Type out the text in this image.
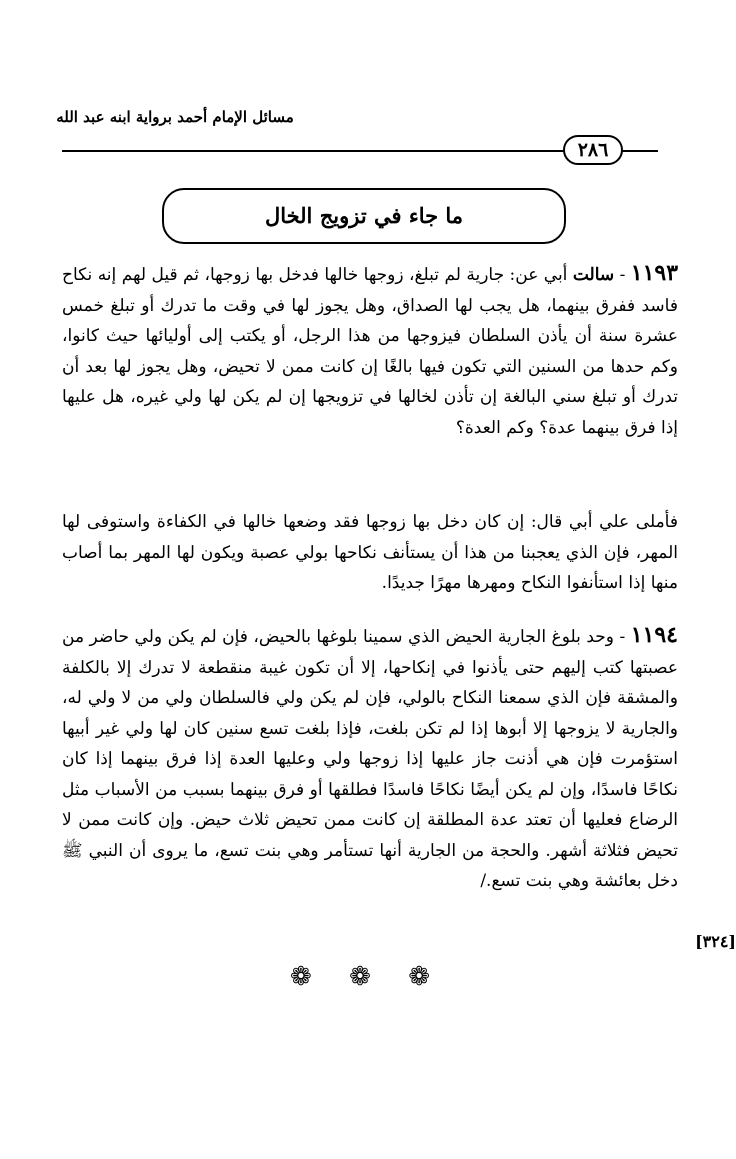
مسائل الإمام أحمد برواية ابنه عبد الله
٢٨٦
ما جاء في تزويج الخال
١١٩٣ - سالت أبي عن: جارية لم تبلغ، زوجها خالها فدخل بها زوجها، ثم قيل لهم إنه نكاح فاسد ففرق بينهما، هل يجب لها الصداق، وهل يجوز لها في وقت ما تدرك أو تبلغ خمس عشرة سنة أن يأذن السلطان فيزوجها من هذا الرجل، أو يكتب إلى أوليائها حيث كانوا، وكم حدها من السنين التي تكون فيها بالغًا إن كانت ممن لا تحيض، وهل يجوز لها بعد أن تدرك أو تبلغ سني البالغة إن تأذن لخالها في تزويجها إن لم يكن لها ولي غيره، هل عليها إذا فرق بينهما عدة؟ وكم العدة؟
فأملى علي أبي قال: إن كان دخل بها زوجها فقد وضعها خالها في الكفاءة واستوفى لها المهر، فإن الذي يعجبنا من هذا أن يستأنف نكاحها بولي عصبة ويكون لها المهر بما أصاب منها إذا استأنفوا النكاح ومهرها مهرًا جديدًا.
١١٩٤ - وحد بلوغ الجارية الحيض الذي سمينا بلوغها بالحيض، فإن لم يكن ولي حاضر من عصبتها كتب إليهم حتى يأذنوا في إنكاحها، إلا أن تكون غيبة منقطعة لا تدرك إلا بالكلفة والمشقة فإن الذي سمعنا النكاح بالولي، فإن لم يكن ولي فالسلطان ولي من لا ولي له، والجارية لا يزوجها إلا أبوها إذا لم تكن بلغت، فإذا بلغت تسع سنين كان لها ولي غير أبيها استؤمرت فإن هي أذنت جاز عليها إذا زوجها ولي وعليها العدة إذا فرق بينهما إذا كان نكاحًا فاسدًا، وإن لم يكن أيضًا نكاحًا فاسدًا فطلقها أو فرق بينهما بسبب من الأسباب مثل الرضاع فعليها أن تعتد عدة المطلقة إن كانت ممن تحيض ثلاث حيض. وإن كانت ممن لا تحيض فثلاثة أشهر. والحجة من الجارية أنها تستأمر وهي بنت تسع، ما يروى أن النبي ﷺ دخل بعائشة وهي بنت تسع./
[٣٢٤]
❁ ❁ ❁
